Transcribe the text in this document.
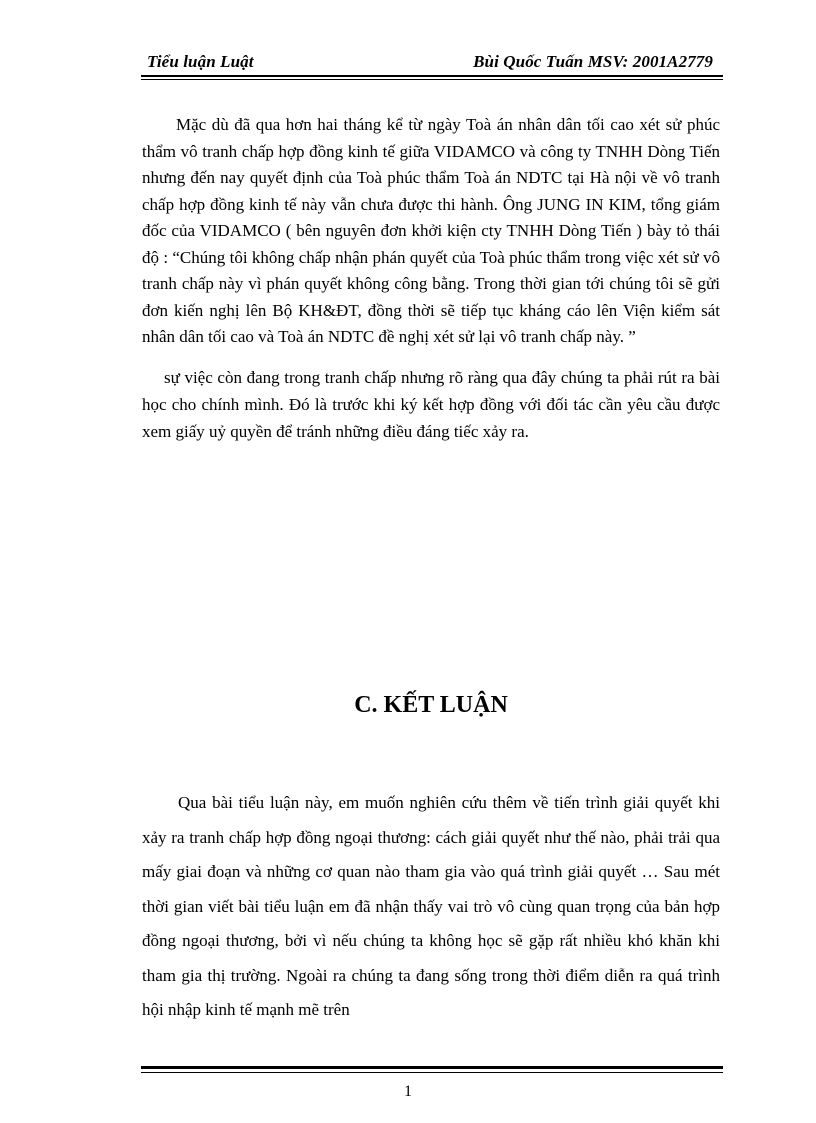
Tiểu luận Luật	Bùi Quốc Tuấn MSV: 2001A2779

Mặc dù đã qua hơn hai tháng kể từ ngày Toà án nhân dân tối cao xét sử phúc thẩm vô tranh chấp hợp đồng kinh tế giữa VIDAMCO và công ty TNHH Dòng Tiến nhưng đến nay quyết định của Toà phúc thẩm Toà án NDTC tại Hà nội về vô tranh chấp hợp đồng kinh tế này vẫn chưa được thi hành. Ông JUNG IN KIM, tổng giám đốc của VIDAMCO ( bên nguyên đơn khởi kiện cty TNHH Dòng Tiến ) bày tỏ thái độ : “Chúng tôi không chấp nhận phán quyết của Toà phúc thẩm trong việc xét sử vô tranh chấp này vì phán quyết không công bằng. Trong thời gian tới chúng tôi sẽ gửi đơn kiến nghị lên Bộ KH&ĐT, đồng thời sẽ tiếp tục kháng cáo lên Viện kiểm sát nhân dân tối cao và Toà án NDTC đề nghị xét sử lại vô tranh chấp này. ”

sự việc còn đang trong tranh chấp nhưng rõ ràng qua đây chúng ta phải rút ra bài học cho chính mình. Đó là trước khi ký kết hợp đồng với đối tác cần yêu cầu được xem giấy uỷ quyền để tránh những điều đáng tiếc xảy ra.

C. KẾT LUẬN

Qua bài tiểu luận này, em muốn nghiên cứu thêm về tiến trình giải quyết khi xảy ra tranh chấp hợp đồng ngoại thương: cách giải quyết như thế nào, phải trải qua mấy giai đoạn và những cơ quan nào tham gia vào quá trình giải quyết … Sau mét thời gian viết bài tiểu luận em đã nhận thấy vai trò vô cùng quan trọng của bản hợp đồng ngoại thương, bởi vì nếu chúng ta không học sẽ gặp rất nhiều khó khăn khi tham gia thị trường. Ngoài ra chúng ta đang sống trong thời điểm diễn ra quá trình hội nhập kinh tế mạnh mẽ trên

1
